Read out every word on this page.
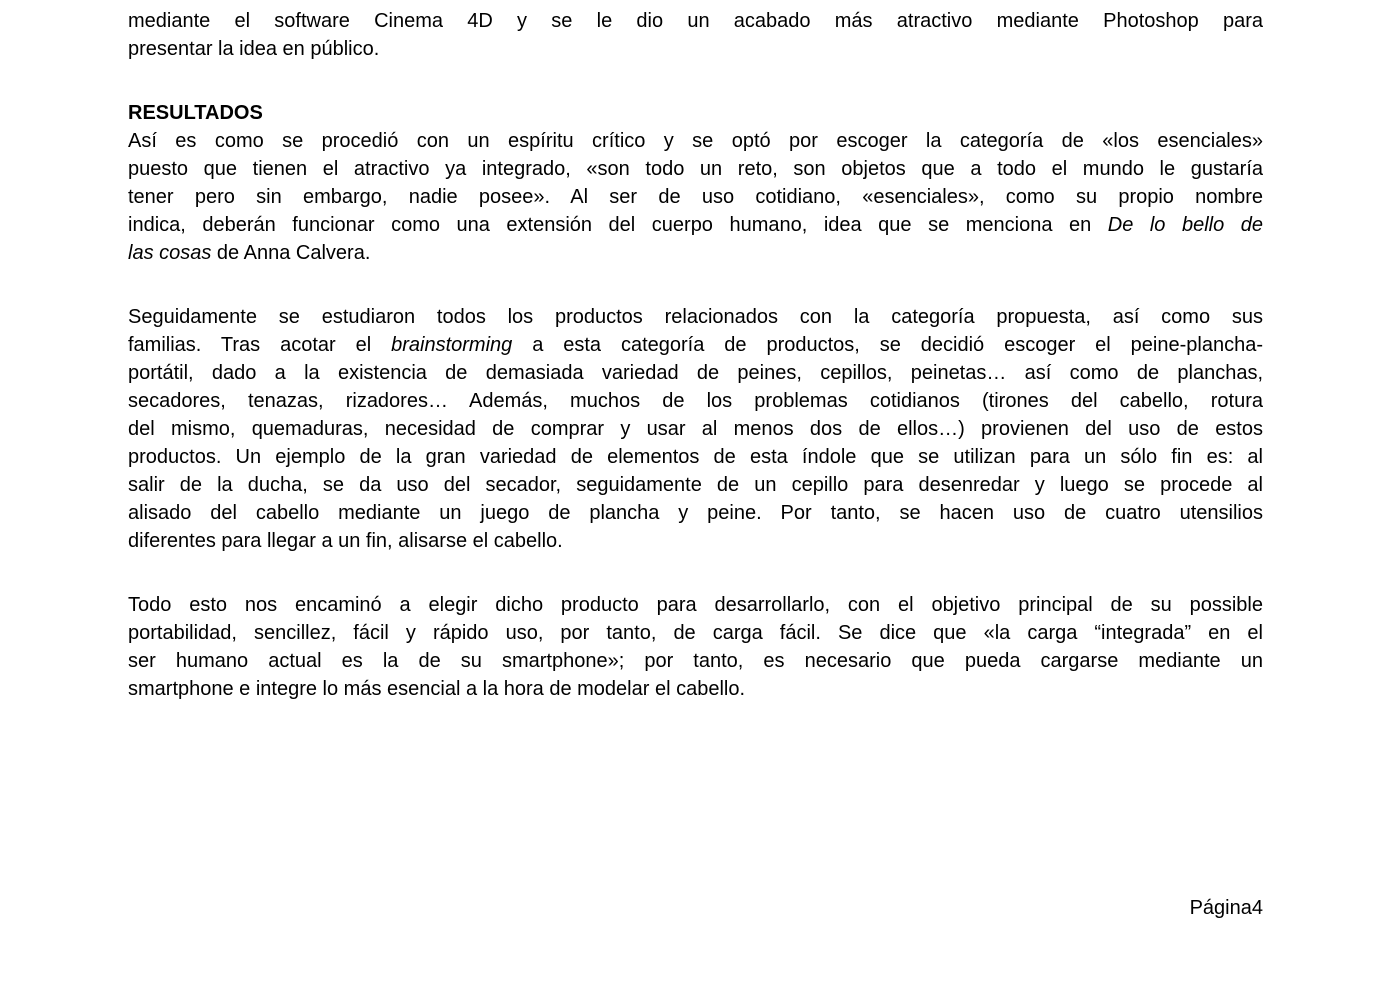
mediante el software Cinema 4D y se le dio un acabado más atractivo mediante Photoshop para
presentar la idea en público.
RESULTADOS
Así es como se procedió con un espíritu crítico y se optó por escoger la categoría de «los esenciales»
puesto que tienen el atractivo ya integrado, «son todo un reto, son objetos que a todo el mundo le gustaría
tener pero sin embargo, nadie posee». Al ser de uso cotidiano, «esenciales», como su propio nombre
indica, deberán funcionar como una extensión del cuerpo humano, idea que se menciona en De lo bello de
las cosas de Anna Calvera.
Seguidamente se estudiaron todos los productos relacionados con la categoría propuesta, así como sus
familias. Tras acotar el brainstorming a esta categoría de productos, se decidió escoger el peine-plancha-
portátil, dado a la existencia de demasiada variedad de peines, cepillos, peinetas… así como de planchas,
secadores, tenazas, rizadores… Además, muchos de los problemas cotidianos (tirones del cabello, rotura
del mismo, quemaduras, necesidad de comprar y usar al menos dos de ellos…) provienen del uso de estos
productos. Un ejemplo de la gran variedad de elementos de esta índole que se utilizan para un sólo fin es: al
salir de la ducha, se da uso del secador, seguidamente de un cepillo para desenredar y luego se procede al
alisado del cabello mediante un juego de plancha y peine. Por tanto, se hacen uso de cuatro utensilios
diferentes para llegar a un fin, alisarse el cabello.
Todo esto nos encaminó a elegir dicho producto para desarrollarlo, con el objetivo principal de su possible
portabilidad, sencillez, fácil y rápido uso, por tanto, de carga fácil. Se dice que «la carga “integrada” en el
ser humano actual es la de su smartphone»; por tanto, es necesario que pueda cargarse mediante un
smartphone e integre lo más esencial a la hora de modelar el cabello.
Página4
